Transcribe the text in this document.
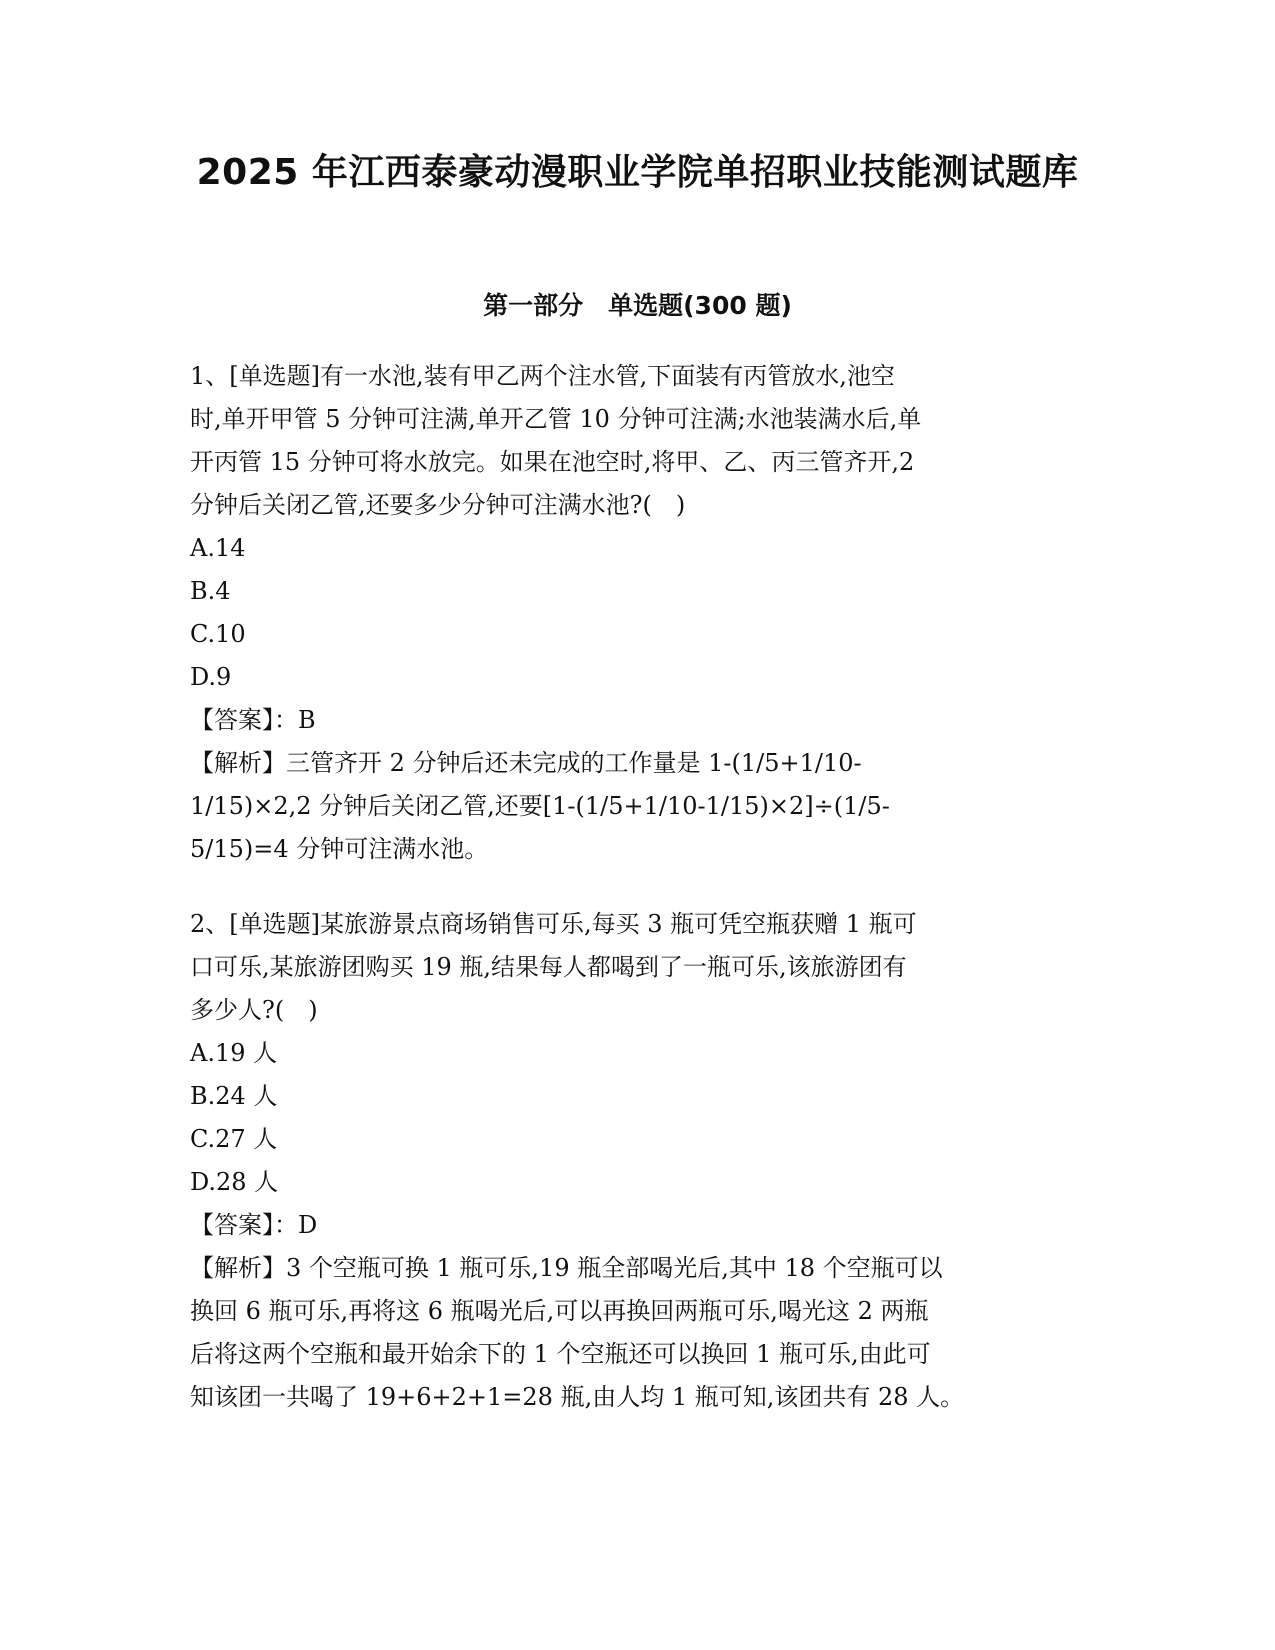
2025 年江西泰豪动漫职业学院单招职业技能测试题库
第一部分　单选题(300 题)
1、[单选题]有一水池,装有甲乙两个注水管,下面装有丙管放水,池空
时,单开甲管 5 分钟可注满,单开乙管 10 分钟可注满;水池装满水后,单
开丙管 15 分钟可将水放完。如果在池空时,将甲、乙、丙三管齐开,2
分钟后关闭乙管,还要多少分钟可注满水池?(　)
A.14
B.4
C.10
D.9
【答案】：B
【解析】三管齐开 2 分钟后还未完成的工作量是 1-(1/5+1/10-
1/15)×2,2 分钟后关闭乙管,还要[1-(1/5+1/10-1/15)×2]÷(1/5-
5/15)=4 分钟可注满水池。
2、[单选题]某旅游景点商场销售可乐,每买 3 瓶可凭空瓶获赠 1 瓶可
口可乐,某旅游团购买 19 瓶,结果每人都喝到了一瓶可乐,该旅游团有
多少人?(　)
A.19 人
B.24 人
C.27 人
D.28 人
【答案】：D
【解析】3 个空瓶可换 1 瓶可乐,19 瓶全部喝光后,其中 18 个空瓶可以
换回 6 瓶可乐,再将这 6 瓶喝光后,可以再换回两瓶可乐,喝光这 2 两瓶
后将这两个空瓶和最开始余下的 1 个空瓶还可以换回 1 瓶可乐,由此可
知该团一共喝了 19+6+2+1=28 瓶,由人均 1 瓶可知,该团共有 28 人。
